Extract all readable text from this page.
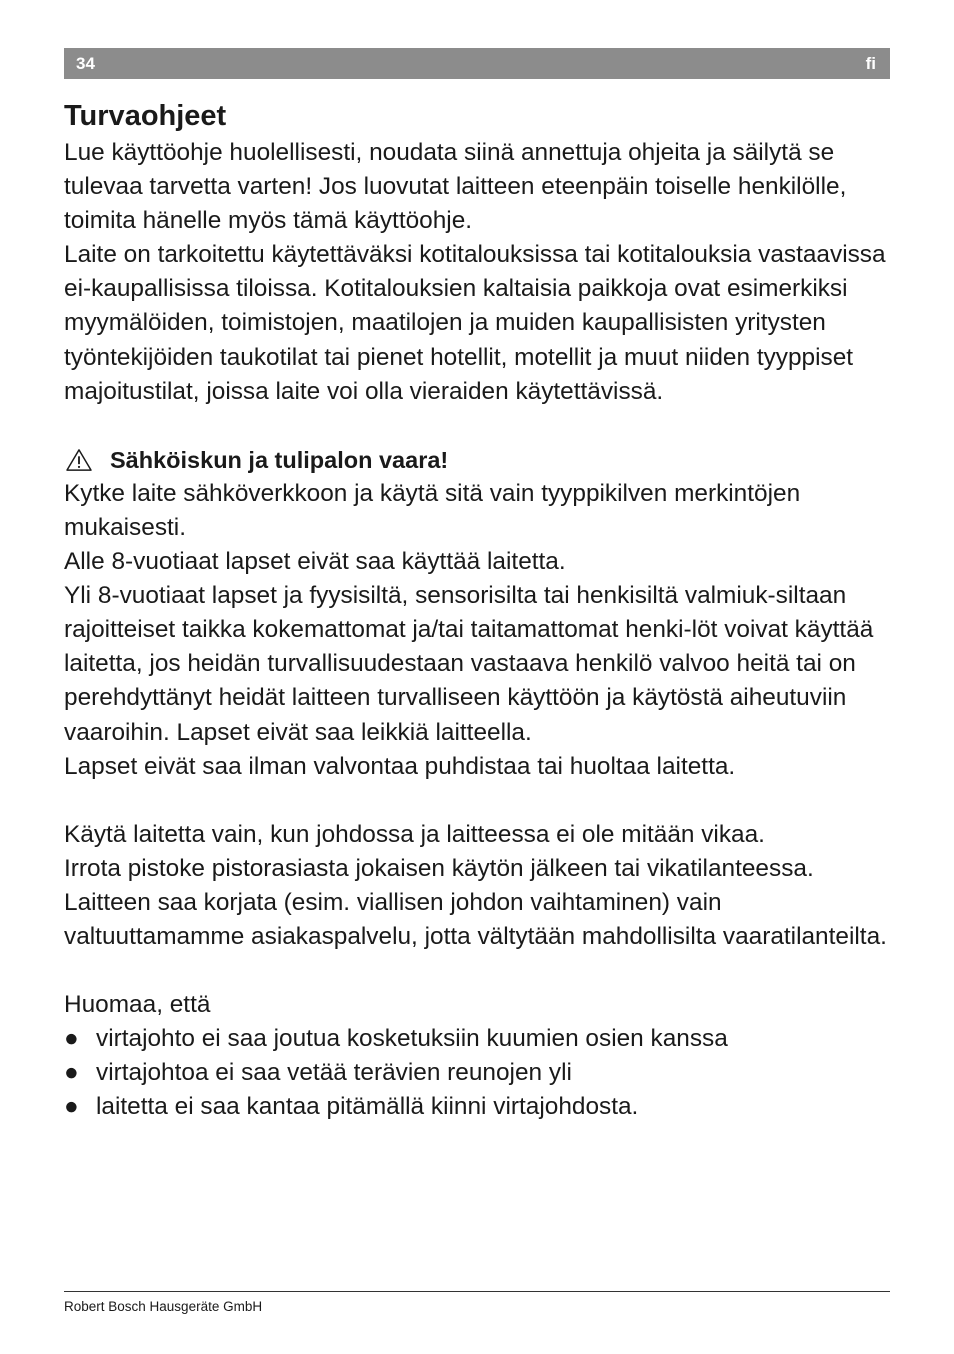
34	fi
Turvaohjeet

Lue käyttöohje huolellisesti, noudata siinä annettuja ohjeita ja säilytä se tulevaa tarvetta varten! Jos luovutat laitteen eteenpäin toiselle henkilölle, toimita hänelle myös tämä käyttöohje.

Laite on tarkoitettu käytettäväksi kotitalouksissa tai kotitalouksia vastaavissa ei-kaupallisissa tiloissa. Kotitalouksien kaltaisia paikkoja ovat esimerkiksi myymälöiden, toimistojen, maatilojen ja muiden kaupallisisten yritysten työntekijöiden taukotilat tai pienet hotellit, motellit ja muut niiden tyyppiset majoitustilat, joissa laite voi olla vieraiden käytettävissä.

Sähköiskun ja tulipalon vaara!

Kytke laite sähköverkkoon ja käytä sitä vain tyyppikilven merkintöjen mukaisesti.

Alle 8-vuotiaat lapset eivät saa käyttää laitetta.

Yli 8-vuotiaat lapset ja fyysisiltä, sensorisilta tai henkisiltä valmiuk-siltaan rajoitteiset taikka kokemattomat ja/tai taitamattomat henki-löt voivat käyttää laitetta, jos heidän turvallisuudestaan vastaava henkilö valvoo heitä tai on perehdyttänyt heidät laitteen turvalliseen käyttöön ja käytöstä aiheutuviin vaaroihin. Lapset eivät saa leikkiä laitteella.

Lapset eivät saa ilman valvontaa puhdistaa tai huoltaa laitetta.

Käytä laitetta vain, kun johdossa ja laitteessa ei ole mitään vikaa.

Irrota pistoke pistorasiasta jokaisen käytön jälkeen tai vikatilanteessa.

Laitteen saa korjata (esim. viallisen johdon vaihtaminen) vain valtuuttamamme asiakaspalvelu, jotta vältytään mahdollisilta vaaratilanteilta.

Huomaa, että

● virtajohto ei saa joutua kosketuksiin kuumien osien kanssa
● virtajohtoa ei saa vetää terävien reunojen yli
● laitetta ei saa kantaa pitämällä kiinni virtajohdosta.
Robert Bosch Hausgeräte GmbH
